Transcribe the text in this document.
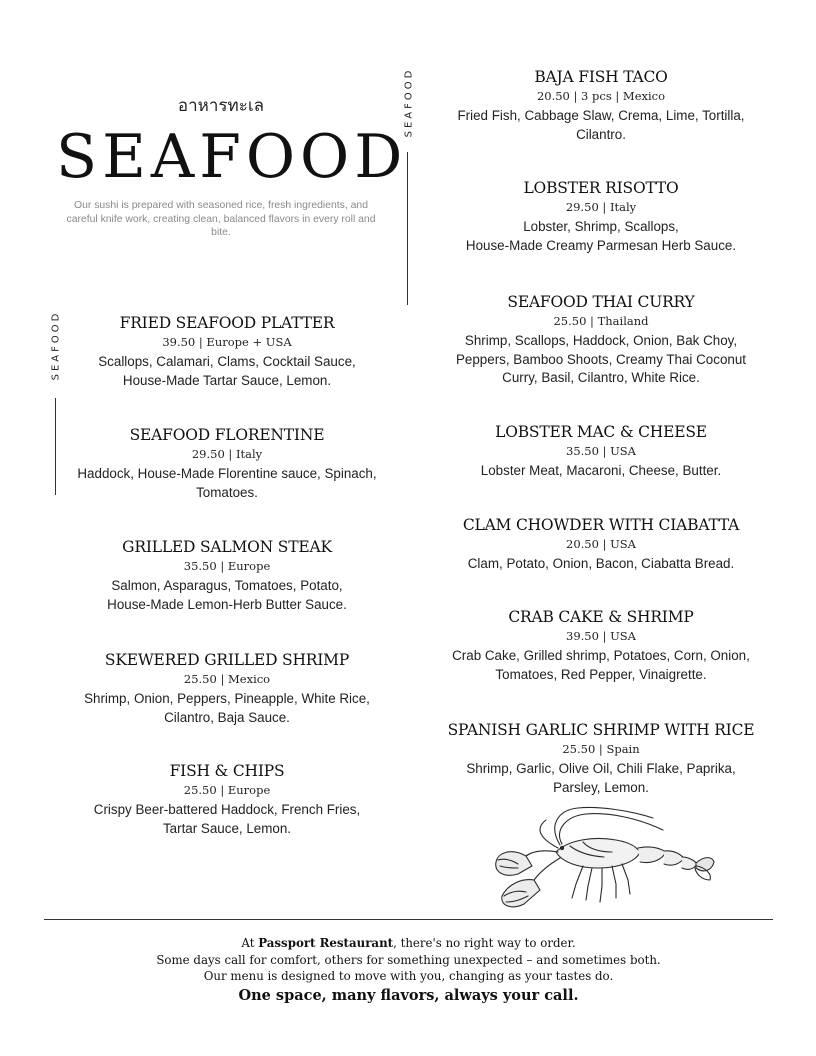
อาหารทะเล
SEAFOOD
Our sushi is prepared with seasoned rice, fresh ingredients, and careful knife work, creating clean, balanced flavors in every roll and bite.
SEAFOOD
SEAFOOD	FRIED SEAFOOD PLATTER
39.50 | Europe + USA
Scallops, Calamari, Clams, Cocktail Sauce,
House-Made Tartar Sauce, Lemon.
SEAFOOD FLORENTINE
29.50 | Italy
Haddock, House-Made Florentine sauce, Spinach,
Tomatoes.
GRILLED SALMON STEAK
35.50 | Europe
Salmon, Asparagus, Tomatoes, Potato,
House-Made Lemon-Herb Butter Sauce.
SKEWERED GRILLED SHRIMP
25.50 | Mexico
Shrimp, Onion, Peppers, Pineapple, White Rice,
Cilantro, Baja Sauce.
FISH & CHIPS
25.50 | Europe
Crispy Beer-battered Haddock, French Fries,
Tartar Sauce, Lemon.
BAJA FISH TACO
20.50 | 3 pcs | Mexico
Fried Fish, Cabbage Slaw, Crema, Lime, Tortilla,
Cilantro.
LOBSTER RISOTTO
29.50 | Italy
Lobster, Shrimp, Scallops,
House-Made Creamy Parmesan Herb Sauce.
SEAFOOD THAI CURRY
25.50 | Thailand
Shrimp, Scallops, Haddock, Onion, Bak Choy,
Peppers, Bamboo Shoots, Creamy Thai Coconut
Curry, Basil, Cilantro, White Rice.
LOBSTER MAC & CHEESE
35.50 | USA
Lobster Meat, Macaroni, Cheese, Butter.
CLAM CHOWDER WITH CIABATTA
20.50 | USA
Clam, Potato, Onion, Bacon, Ciabatta Bread.
CRAB CAKE & SHRIMP
39.50 | USA
Crab Cake, Grilled shrimp, Potatoes, Corn, Onion,
Tomatoes, Red Pepper, Vinaigrette.
SPANISH GARLIC SHRIMP WITH RICE
25.50 | Spain
Shrimp, Garlic, Olive Oil, Chili Flake, Paprika,
Parsley, Lemon.
At Passport Restaurant, there's no right way to order.
Some days call for comfort, others for something unexpected – and sometimes both.
Our menu is designed to move with you, changing as your tastes do.
One space, many flavors, always your call.
